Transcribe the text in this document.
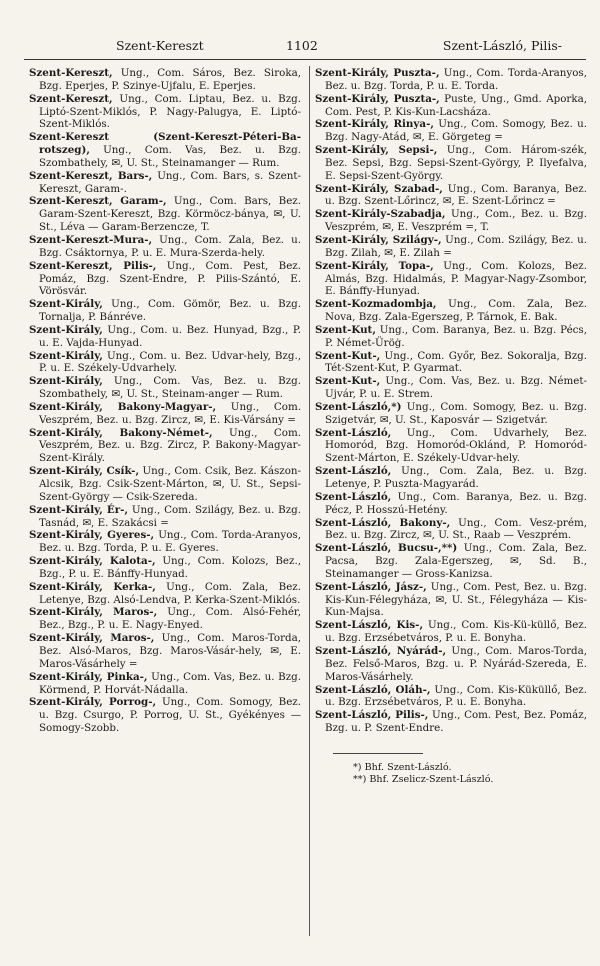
Szent-Kereszt	1102	Szent-László, Pilis-

Szent-Kereszt, Ung., Com. Sáros, Bez. Siroka, Bzg. Eperjes, P. Szinye-Ujfalu, E. Eperjes.

Szent-Kereszt, Ung., Com. Liptau, Bez. u. Bzg. Liptó-Szent-Miklós, P. Nagy-Palugya, E. Liptó-Szent-Miklós.

Szent-Kereszt (Szent-Kereszt-Péteri-Ba-rotszeg), Ung., Com. Vas, Bez. u. Bzg. Szombathely, ✉, U. St., Steinamanger — Rum.

Szent-Kereszt, Bars-, Ung., Com. Bars, s. Szent-Kereszt, Garam-.

Szent-Kereszt, Garam-, Ung., Com. Bars, Bez. Garam-Szent-Kereszt, Bzg. Körmöcz-bánya, ✉, U. St., Léva — Garam-Berzencze, T.

Szent-Kereszt-Mura-, Ung., Com. Zala, Bez. u. Bzg. Csáktornya, P. u. E. Mura-Szerda-hely.

Szent-Kereszt, Pilis-, Ung., Com. Pest, Bez. Pomáz, Bzg. Szent-Endre, P. Pilis-Szántó, E. Vörösvár.

Szent-Király, Ung., Com. Gömör, Bez. u. Bzg. Tornalja, P. Bánréve.

Szent-Király, Ung., Com. u. Bez. Hunyad, Bzg., P. u. E. Vajda-Hunyad.

Szent-Király, Ung., Com. u. Bez. Udvar-hely, Bzg., P. u. E. Székely-Udvarhely.

Szent-Király, Ung., Com. Vas, Bez. u. Bzg. Szombathely, ✉, U. St., Steinam-anger — Rum.

Szent-Király, Bakony-Magyar-, Ung., Com. Veszprém, Bez. u. Bzg. Zircz, ✉, E. Kis-Vársány =

Szent-Király, Bakony-Német-, Ung., Com. Veszprém, Bez. u. Bzg. Zircz, P. Bakony-Magyar-Szent-Király.

Szent-Király, Csík-, Ung., Com. Csik, Bez. Kászon-Alcsik, Bzg. Csik-Szent-Márton, ✉, U. St., Sepsi-Szent-György — Csik-Szereda.

Szent-Király, Ér-, Ung., Com. Szilágy, Bez. u. Bzg. Tasnád, ✉, E. Szakácsi =

Szent-Király, Gyeres-, Ung., Com. Torda-Aranyos, Bez. u. Bzg. Torda, P. u. E. Gyeres.

Szent-Király, Kalota-, Ung., Com. Kolozs, Bez., Bzg., P. u. E. Bánffy-Hunyad.

Szent-Király, Kerka-, Ung., Com. Zala, Bez. Letenye, Bzg. Alsó-Lendva, P. Kerka-Szent-Miklós.

Szent-Király, Maros-, Ung., Com. Alsó-Fehér, Bez., Bzg., P. u. E. Nagy-Enyed.

Szent-Király, Maros-, Ung., Com. Maros-Torda, Bez. Alsó-Maros, Bzg. Maros-Vásár-hely, ✉, E. Maros-Vásárhely =

Szent-Király, Pinka-, Ung., Com. Vas, Bez. u. Bzg. Körmend, P. Horvát-Nádalla.

Szent-Király, Porrog-, Ung., Com. Somogy, Bez. u. Bzg. Csurgo, P. Porrog, U. St., Gyékényes — Somogy-Szobb.

Szent-Király, Puszta-, Ung., Com. Torda-Aranyos, Bez. u. Bzg. Torda, P. u. E. Torda.

Szent-Király, Puszta-, Puste, Ung., Gmd. Aporka, Com. Pest, P. Kis-Kun-Lacsháza.

Szent-Király, Rinya-, Ung., Com. Somogy, Bez. u. Bzg. Nagy-Atád, ✉, E. Görgeteg =

Szent-Király, Sepsi-, Ung., Com. Három-szék, Bez. Sepsi, Bzg. Sepsi-Szent-György, P. Ilyefalva, E. Sepsi-Szent-György.

Szent-Király, Szabad-, Ung., Com. Baranya, Bez. u. Bzg. Szent-Lőrincz, ✉, E. Szent-Lőrincz =

Szent-Király-Szabadja, Ung., Com., Bez. u. Bzg. Veszprém, ✉, E. Veszprém =, T.

Szent-Király, Szilágy-, Ung., Com. Szilágy, Bez. u. Bzg. Zilah, ✉, E. Zilah =

Szent-Király, Topa-, Ung., Com. Kolozs, Bez. Almás, Bzg. Hidalmás, P. Magyar-Nagy-Zsombor, E. Bánffy-Hunyad.

Szent-Kozmadombja, Ung., Com. Zala, Bez. Nova, Bzg. Zala-Egerszeg, P. Tárnok, E. Bak.

Szent-Kut, Ung., Com. Baranya, Bez. u. Bzg. Pécs, P. Német-Üröġ.

Szent-Kut-, Ung., Com. Győr, Bez. Sokoralja, Bzg. Tét-Szent-Kut, P. Gyarmat.

Szent-Kut-, Ung., Com. Vas, Bez. u. Bzg. Német-Ujvár, P. u. E. Strem.

Szent-László,*) Ung., Com. Somogy, Bez. u. Bzg. Szigetvár, ✉, U. St., Kaposvár — Szigetvár.

Szent-László, Ung., Com. Udvarhely, Bez. Homoród, Bzg. Homoród-Oklánd, P. Homoród-Szent-Márton, E. Székely-Udvar-hely.

Szent-László, Ung., Com. Zala, Bez. u. Bzg. Letenye, P. Puszta-Magyarád.

Szent-László, Ung., Com. Baranya, Bez. u. Bzg. Pécz, P. Hosszú-Hetény.

Szent-László, Bakony-, Ung., Com. Vesz-prém, Bez. u. Bzg. Zircz, ✉, U. St., Raab — Veszprém.

Szent-László, Bucsu-,**) Ung., Com. Zala, Bez. Pacsa, Bzg. Zala-Egerszeg, ✉, Sd. B., Steinamanger — Gross-Kanizsa.

Szent-László, Jász-, Ung., Com. Pest, Bez. u. Bzg. Kis-Kun-Félegyháza, ✉, U. St., Félegyháza — Kis-Kun-Majsa.

Szent-László, Kis-, Ung., Com. Kis-Kü-küllő, Bez. u. Bzg. Erzsébetváros, P. u. E. Bonyha.

Szent-László, Nyárád-, Ung., Com. Maros-Torda, Bez. Felső-Maros, Bzg. u. P. Nyárád-Szereda, E. Maros-Vásárhely.

Szent-László, Oláh-, Ung., Com. Kis-Küküllő, Bez. u. Bzg. Erzsébetváros, P. u. E. Bonyha.

Szent-László, Pilis-, Ung., Com. Pest, Bez. Pomáz, Bzg. u. P. Szent-Endre.

*) Bhf. Szent-László.
**) Bhf. Zselicz-Szent-László.
